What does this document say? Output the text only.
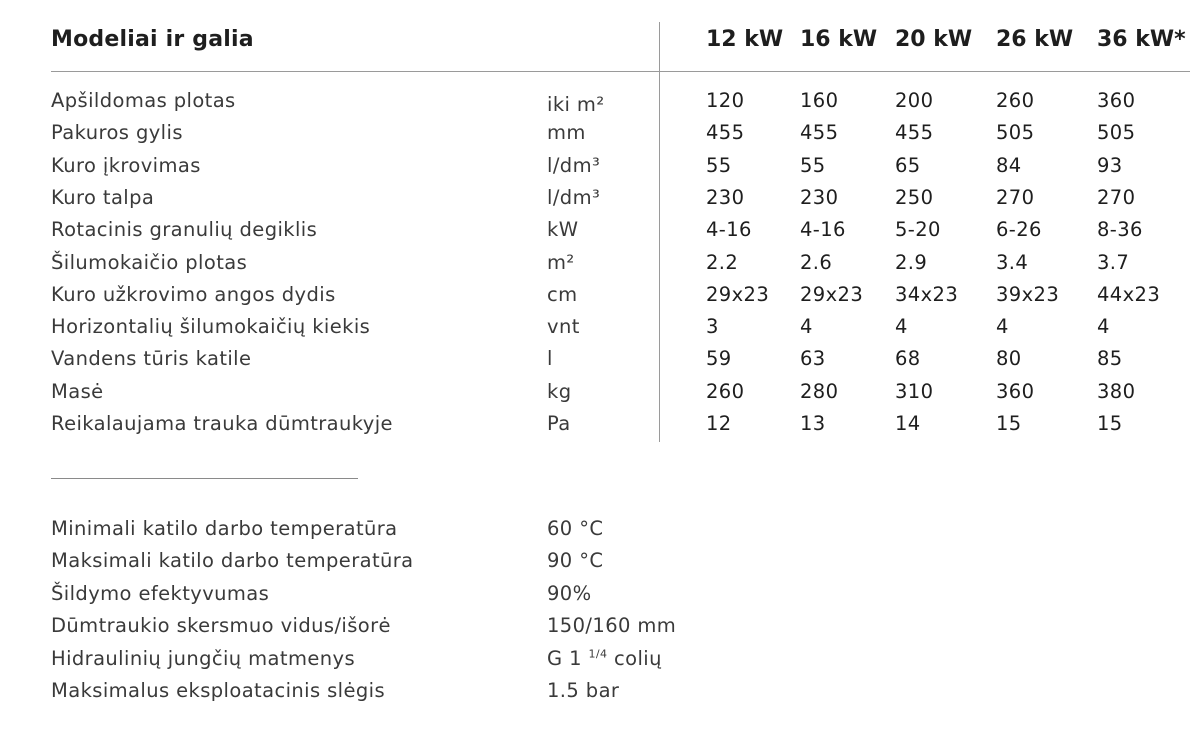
Modeliai ir galia	12 kW 16 kW 20 kW 26 kW 36 kW*
Apšildomas plotas	iki m²	120	160	200	260	360
Pakuros gylis	mm	455	455	455	505	505
Kuro įkrovimas	l/dm³	55	55	65	84	93
Kuro talpa	l/dm³	230	230	250	270	270
Rotacinis granulių degiklis	kW	4-16 4-16	5-20	6-26	8-36
Šilumokaičio plotas	m²	2.2	2.6	2.9	3.4	3.7
Kuro užkrovimo angos dydis	cm	29x23 29x23 34x23 39x23 44x23
Horizontalių šilumokaičių kiekis	vnt	3	4	4	4	4
Vandens tūris katile	l	59	63	68	80	85
Masė	kg	260	280	310	360	380
Reikalaujama trauka dūmtraukyje	Pa	12	13	14	15	15
Minimali katilo darbo temperatūra	60 °C
Maksimali katilo darbo temperatūra	90 °C
Šildymo efektyvumas	90%
Dūmtraukio skersmuo vidus/išorė	150/160 mm
Hidraulinių jungčių matmenys	G 1 $^{1/4}$ colių
Maksimalus eksploatacinis slėgis	1.5 bar
